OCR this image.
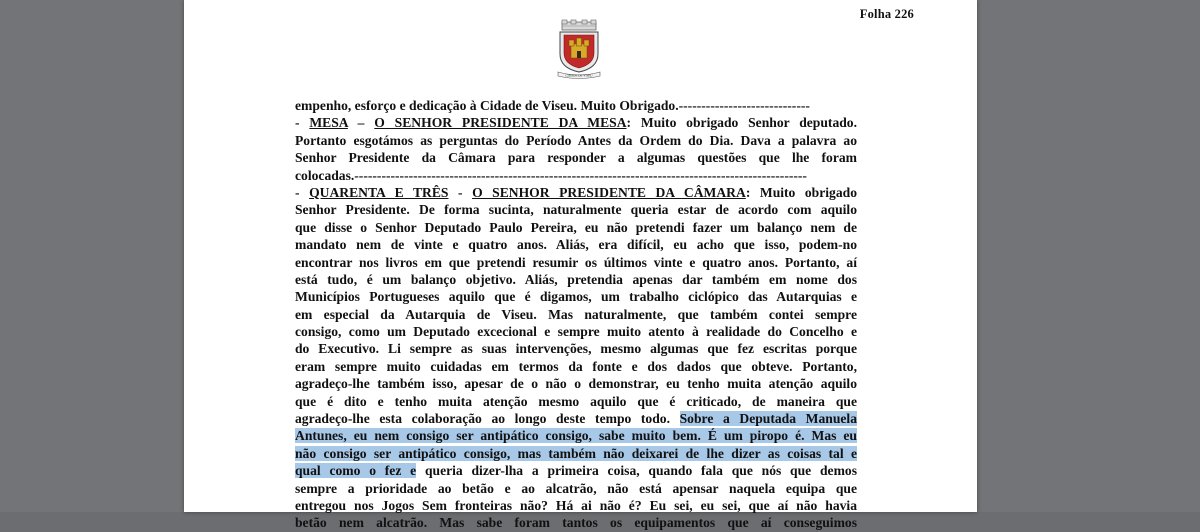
Folha 226
CIDADE DE VISEU
empenho, esforço e dedicação à Cidade de Viseu. Muito Obrigado.-----------------------------
- MESA – O SENHOR PRESIDENTE DA MESA: Muito obrigado Senhor deputado.
Portanto esgotámos as perguntas do Período Antes da Ordem do Dia. Dava a palavra ao
Senhor Presidente da Câmara para responder a algumas questões que lhe foram
colocadas.----------------------------------------------------------------------------------------------------
- QUARENTA E TRÊS - O SENHOR PRESIDENTE DA CÂMARA: Muito obrigado
Senhor Presidente. De forma sucinta, naturalmente queria estar de acordo com aquilo
que disse o Senhor Deputado Paulo Pereira, eu não pretendi fazer um balanço nem de
mandato nem de vinte e quatro anos. Aliás, era difícil, eu acho que isso, podem-no
encontrar nos livros em que pretendi resumir os últimos vinte e quatro anos. Portanto, aí
está tudo, é um balanço objetivo. Aliás, pretendia apenas dar também em nome dos
Municípios Portugueses aquilo que é digamos, um trabalho ciclópico das Autarquias e
em especial da Autarquia de Viseu. Mas naturalmente, que também contei sempre
consigo, como um Deputado excecional e sempre muito atento à realidade do Concelho e
do Executivo. Li sempre as suas intervenções, mesmo algumas que fez escritas porque
eram sempre muito cuidadas em termos da fonte e dos dados que obteve. Portanto,
agradeço-lhe também isso, apesar de o não o demonstrar, eu tenho muita atenção aquilo
que é dito e tenho muita atenção mesmo aquilo que é criticado, de maneira que
agradeço-lhe esta colaboração ao longo deste tempo todo. Sobre a Deputada Manuela
Antunes, eu nem consigo ser antipático consigo, sabe muito bem. É um piropo é. Mas eu
não consigo ser antipático consigo, mas também não deixarei de lhe dizer as coisas tal e
qual como o fez e queria dizer-lha a primeira coisa, quando fala que nós que demos
sempre a prioridade ao betão e ao alcatrão, não está apensar naquela equipa que
entregou nos Jogos Sem fronteiras não? Há ai não é? Eu sei, eu sei, que aí não havia
betão nem alcatrão. Mas sabe foram tantos os equipamentos que aí conseguimos
